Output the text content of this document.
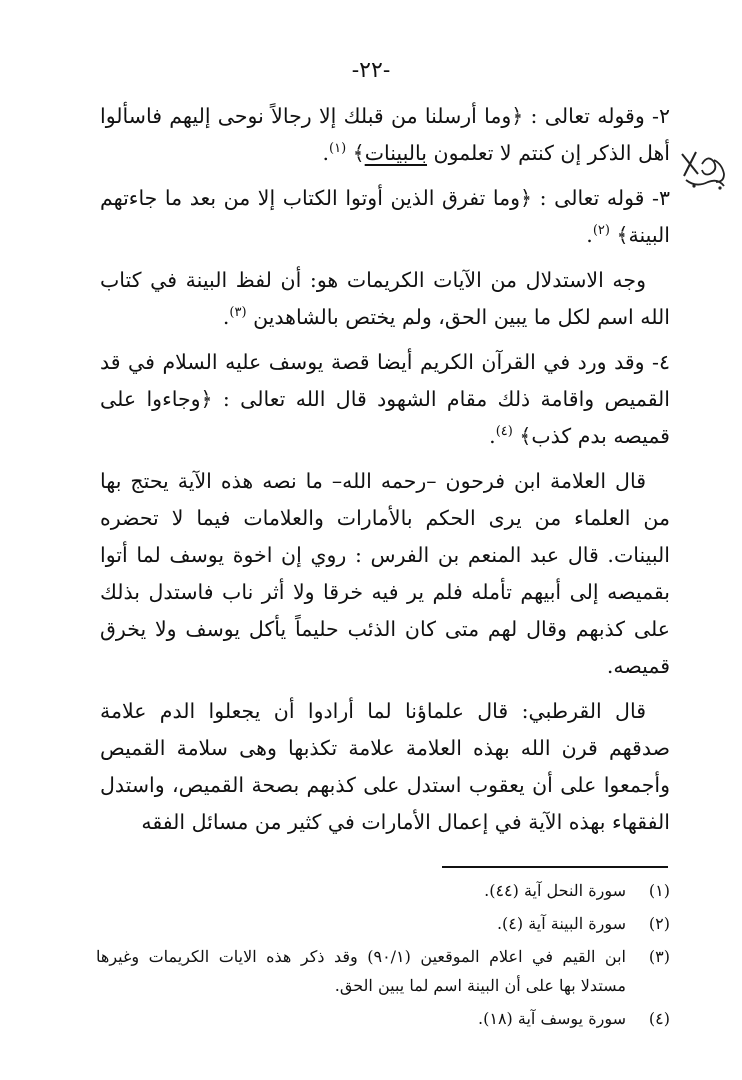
-٢٢-

٢- وقوله تعالى : ﴿وما أرسلنا من قبلك إلا رجالاً نوحى إليهم فاسألوا أهل الذكر إن كنتم لا تعلمون بالبينات﴾ $^{(١)}$.

٣- قوله تعالى : ﴿وما تفرق الذين أوتوا الكتاب إلا من بعد ما جاءتهم البينة﴾ $^{(٢)}$.

وجه الاستدلال من الآيات الكريمات هو: أن لفظ البينة في كتاب الله اسم لكل ما يبين الحق، ولم يختص بالشاهدين $^{(٣)}$.

٤- وقد ورد في القرآن الكريم أيضا قصة يوسف عليه السلام في قد القميص واقامة ذلك مقام الشهود قال الله تعالى : ﴿وجاءوا على قميصه بدم كذب﴾ $^{(٤)}$.

قال العلامة ابن فرحون –رحمه الله– ما نصه هذه الآية يحتج بها من العلماء من يرى الحكم بالأمارات والعلامات فيما لا تحضره البينات. قال عبد المنعم بن الفرس : روي إن اخوة يوسف لما أتوا بقميصه إلى أبيهم تأمله فلم ير فيه خرقا ولا أثر ناب فاستدل بذلك على كذبهم وقال لهم متى كان الذئب حليماً يأكل يوسف ولا يخرق قميصه.

قال القرطبي: قال علماؤنا لما أرادوا أن يجعلوا الدم علامة صدقهم قرن الله بهذه العلامة علامة تكذبها وهى سلامة القميص وأجمعوا على أن يعقوب استدل على كذبهم بصحة القميص، واستدل الفقهاء بهذه الآية في إعمال الأمارات في كثير من مسائل الفقه

(١)
سورة النحل آية (٤٤).
(٢)
سورة البينة آية (٤).
(٣)
ابن القيم في اعلام الموقعين (٩٠/١) وقد ذكر هذه الايات الكريمات وغيرها مستدلا بها على أن البينة اسم لما يبين الحق.
(٤)
سورة يوسف آية (١٨).
